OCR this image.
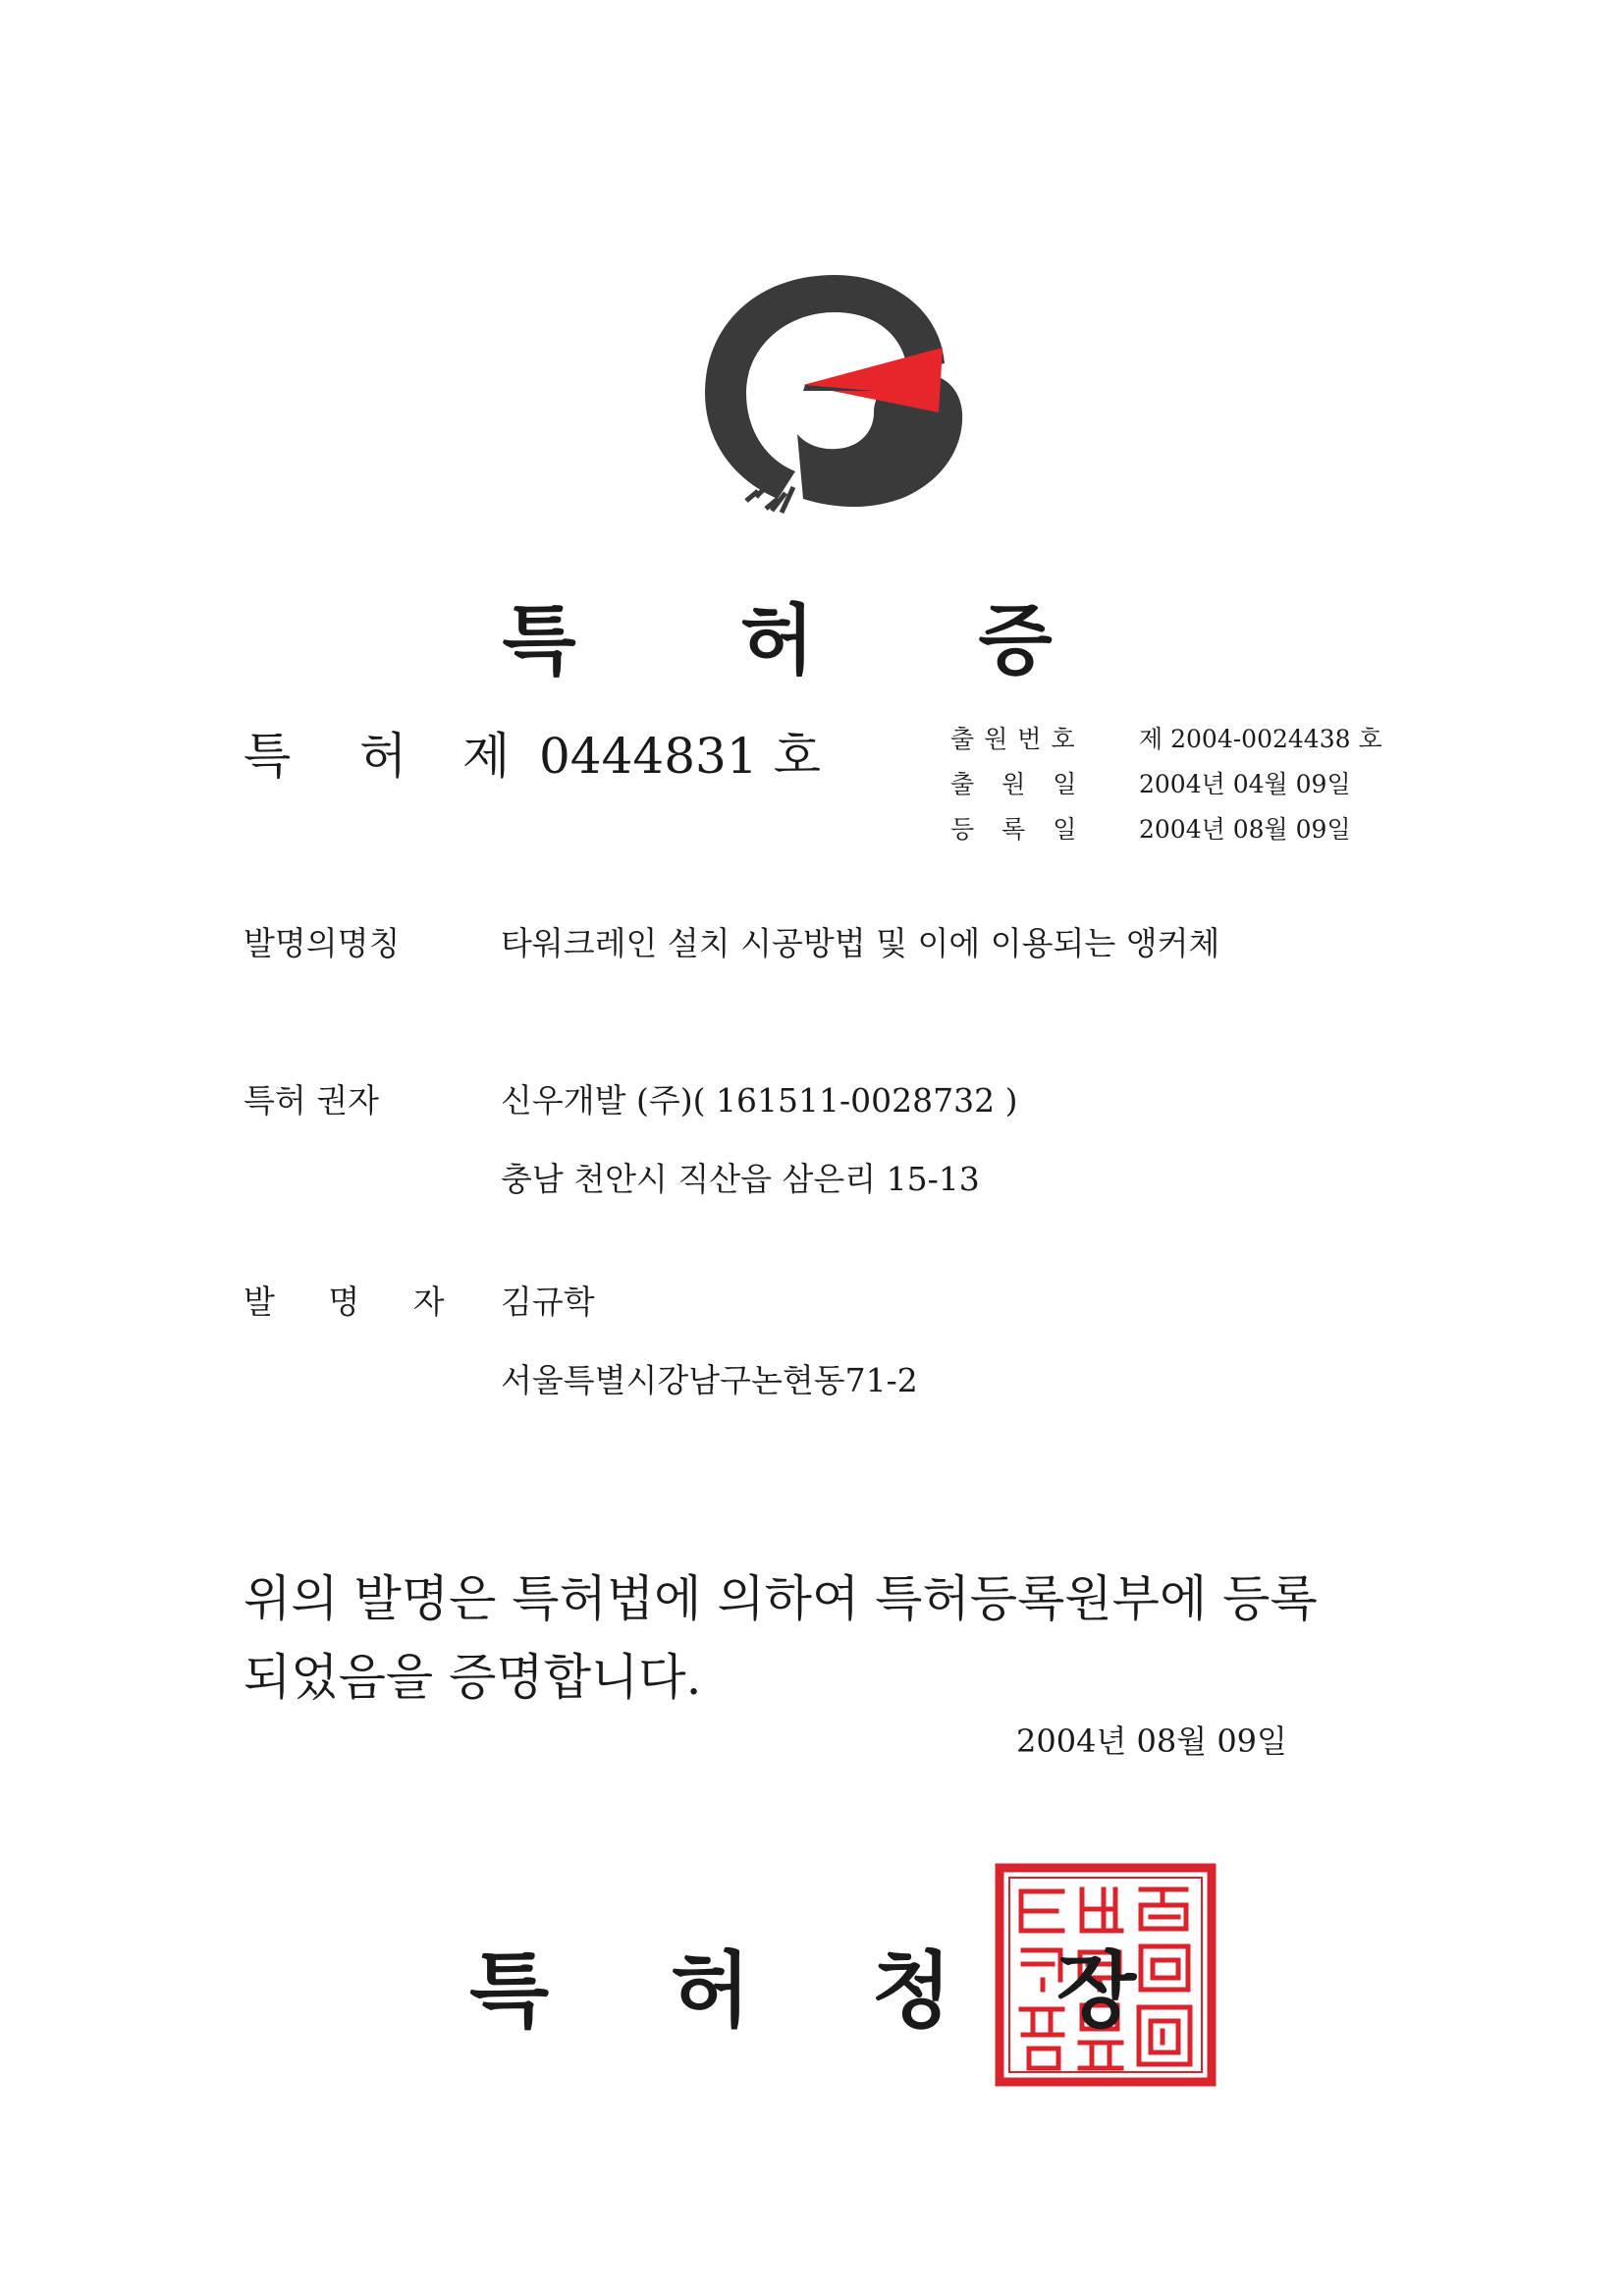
특 허 증
특 허 제 0444831 호	출원번호 제 2004-0024438 호
출 원 일 2004년 04월 09일
등 록 일 2004년 08월 09일
발명의명칭	타워크레인 설치 시공방법 및 이에 이용되는 앵커체
특허 권자	신우개발 (주)( 161511-0028732 )
충남 천안시 직산읍 삼은리 15-13
발 명 자 김규학
서울특별시강남구논현동71-2
위의 발명은 특허법에 의하여 특허등록원부에 등록
되었음을 증명합니다.
2004년 08월 09일
특 허 청 장
